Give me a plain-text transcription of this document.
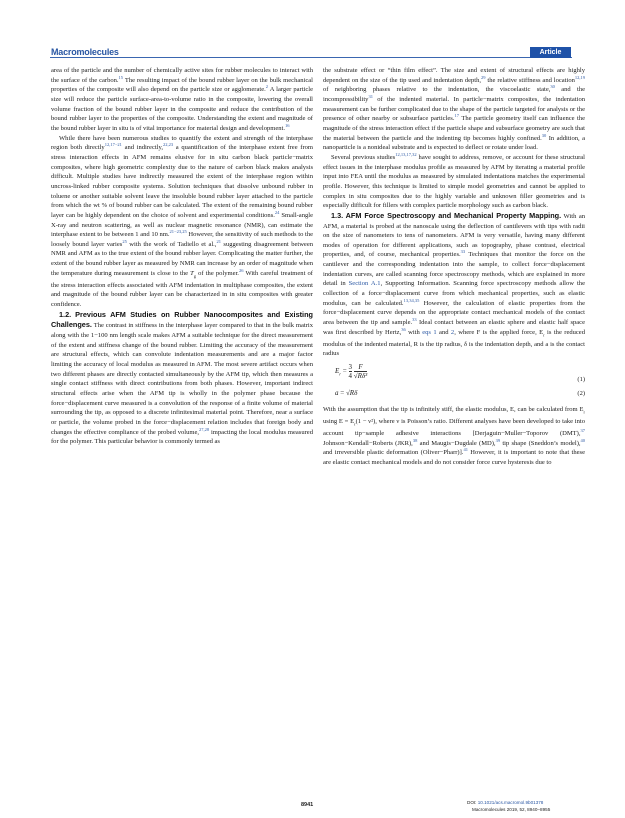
Macromolecules	Article

area of the particle and the number of chemically active sites for rubber molecules to interact with the surface of the carbon.$^{15}$ The resulting impact of the bound rubber layer on the bulk mechanical properties of the composite will also depend on the particle size or agglomerate.$^2$ A larger particle size will reduce the particle surface-area-to-volume ratio in the composite, lowering the overall volume fraction of the bound rubber layer in the composite and reduce the contribution of the bound rubber layer to the properties of the composite. Understanding the extent and magnitude of the bound rubber layer in situ is of vital importance for material design and development.$^{16}$

While there have been numerous studies to quantify the extent and strength of the interphase region both directly$^{12,17-21}$ and indirectly,$^{22,23}$ a quantification of the interphase extent free from stress interaction effects in AFM remains elusive for in situ carbon black particle−matrix composites, where high geometric complexity due to the nature of carbon black makes analysis difficult. Multiple studies have indirectly measured the extent of the interphase region within uncross-linked rubber composite systems. Solution techniques that dissolve unbound rubber in toluene or another suitable solvent leave the insoluble bound rubber layer attached to the particle from which the wt % of bound rubber can be calculated. The extent of the remaining bound rubber layer can be highly dependent on the choice of solvent and experimental conditions.$^{24}$ Small-angle X-ray and neutron scattering, as well as nuclear magnetic resonance (NMR), can estimate the interphase extent to be between 1 and 10 nm.$^{21-23,25}$ However, the sensitivity of such methods to the loosely bound layer varies$^{25}$ with the work of Tadiello et al.,$^{21}$ suggesting disagreement between NMR and AFM as to the true extent of the bound rubber layer. Complicating the matter further, the extent of the bound rubber layer as measured by NMR can increase by an order of magnitude when the temperature during measurement is close to the $T_g$ of the polymer.$^{26}$ With careful treatment of the stress interaction effects associated with AFM indentation in multiphase composites, the extent and magnitude of the bound rubber layer can be characterized in in situ composites with greater confidence.

1.2. Previous AFM Studies on Rubber Nanocomposites and Existing Challenges. The contrast in stiffness in the interphase layer compared to that in the bulk matrix along with the 1−100 nm length scale makes AFM a suitable technique for the direct measurement of the extent and stiffness change of the bound rubber. Limiting the accuracy of the measurement are structural effects, which can convolute indentation measurements and are a major factor limiting the accuracy of local modulus as measured in AFM. The most severe artifact occurs when two different phases are directly contacted simultaneously by the AFM tip, which then measures a single contact stiffness with direct contributions from both phases. However, important indirect structural effects arise when the AFM tip is wholly in the polymer phase because the force−displacement curve measured is a convolution of the response of a finite volume of material surrounding the tip, as opposed to a discrete infinitesimal material point. Therefore, near a surface or particle, the volume probed in the force−displacement relation includes that foreign body and changes the effective compliance of the probed volume,$^{27,28}$ impacting the local modulus measured for the polymer. This particular behavior is commonly termed as

the substrate effect or “thin film effect”. The size and extent of structural effects are highly dependent on the size of the tip used and indentation depth,$^{29}$ the relative stiffness and location$^{12,19}$ of neighboring phases relative to the indentation, the viscoelastic state,$^{30}$ and the incompressibility$^{31}$ of the indented material. In particle−matrix composites, the indentation measurement can be further complicated due to the shape of the particle targeted for analysis or the presence of other nearby or subsurface particles.$^{17}$ The particle geometry itself can influence the magnitude of the stress interaction effect if the particle shape and subsurface geometry are such that the material between the particle and the indenting tip becomes highly confined.$^{30}$ In addition, a nanoparticle is a nonideal substrate and is expected to deflect or rotate under load.

Several previous studies$^{12,13,17,32}$ have sought to address, remove, or account for these structural effect issues in the interphase modulus profile as measured by AFM by iterating a material profile input into FEA until the modulus as measured by simulated indentations matches the experimental profile. However, this technique is limited to simple model geometries and cannot be applied to complex in situ composites due to the highly variable and unknown filler geometries and is especially difficult for fillers with complex particle morphology such as carbon black.

1.3. AFM Force Spectroscopy and Mechanical Property Mapping. With an AFM, a material is probed at the nanoscale using the deflection of cantilevers with tips with radii on the size of nanometers to tens of nanometers. AFM is very versatile, having many different modes of operation for different applications, such as topography, phase contrast, electrical properties, and, of course, mechanical properties.$^{33}$ Techniques that monitor the force on the cantilever and the corresponding indentation into the sample, to collect force−displacement indentation curves, are called scanning force spectroscopy methods, which are explained in more detail in Section A.1, Supporting Information. Scanning force spectroscopy methods allow the collection of a force−displacement curve from which mechanical properties, such as elastic modulus, can be calculated.$^{13,34,35}$ However, the calculation of elastic properties from the force−displacement curve depends on the appropriate contact mechanical models of the contact area between the tip and sample.$^{33}$ Ideal contact between an elastic sphere and elastic half space was first described by Hertz,$^{36}$ with eqs 1 and 2, where F is the applied force, $E_r$ is the reduced modulus of the indented material, R is the tip radius, δ is the indentation depth, and a is the contact radius

$E_r = \frac{3}{4}$
$\frac{F}{\text{√Rδ³}}$	(1)
a = √Rδ	(2)

With the assumption that the tip is infinitely stiff, the elastic modulus, E, can be calculated from $E_r$ using $E = E_r(1 - \nu^2)$, where ν is Poisson’s ratio. Different analyses have been developed to take into account tip−sample adhesive interactions [Derjaguin−Muller−Toporov (DMT),$^{37}$ Johnson−Kendall−Roberts (JKR),$^{38}$ and Maugis−Dugdale (MD),$^{39}$ tip shape (Sneddon’s model),$^{40}$ and irreversible plastic deformation (Oliver−Pharr)].$^{41}$ However, it is important to note that these are elastic contact mechanical models and do not consider force curve hysteresis due to

8941	DOI: 10.1021/acs.macromol.9b01378
Macromolecules 2019, 52, 8940−8955
